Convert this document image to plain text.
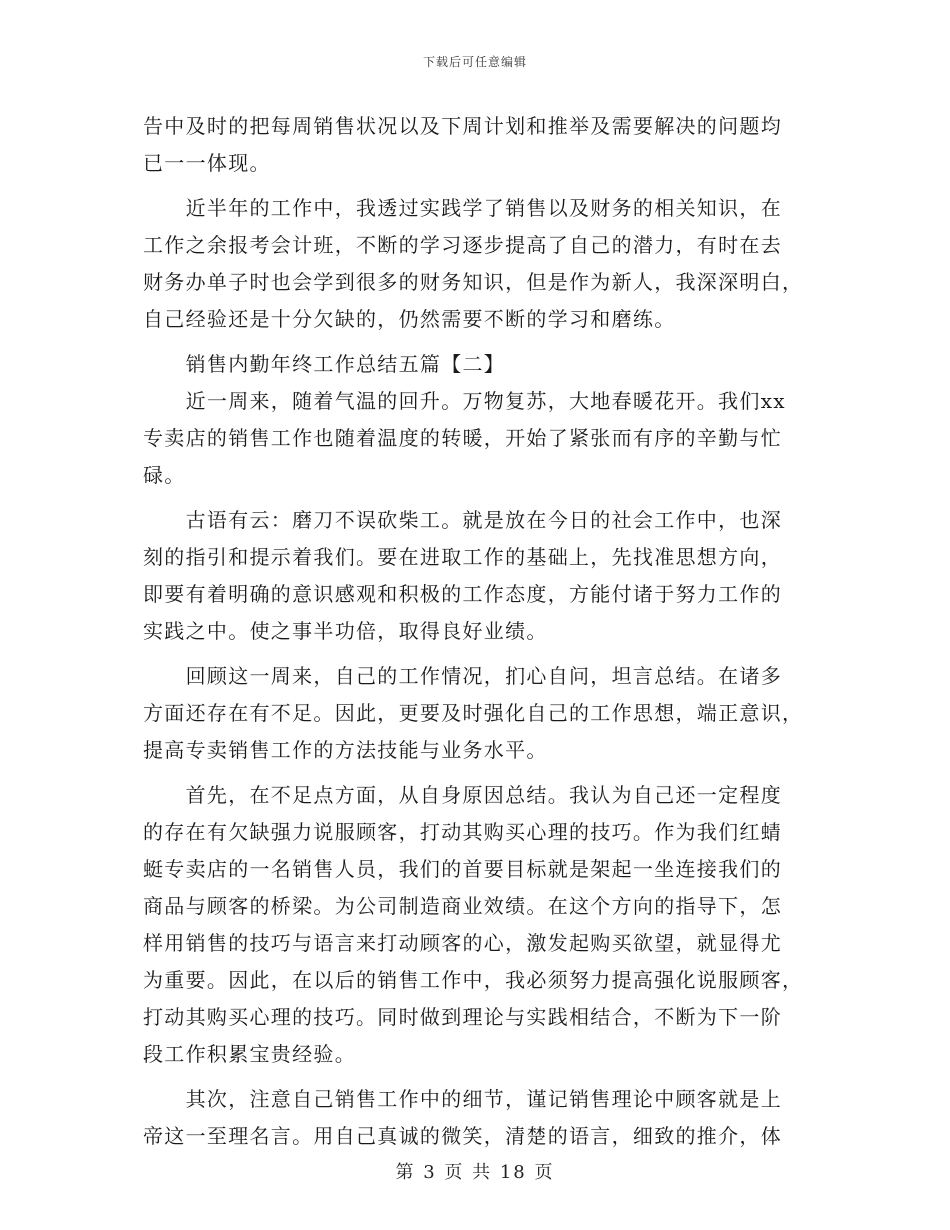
下载后可任意编辑
告中及时的把每周销售状况以及下周计划和推举及需要解决的问题均
已一一体现。
　　近半年的工作中，我透过实践学了销售以及财务的相关知识，在
工作之余报考会计班，不断的学习逐步提高了自己的潜力，有时在去
财务办单子时也会学到很多的财务知识，但是作为新人，我深深明白，
自己经验还是十分欠缺的，仍然需要不断的学习和磨练。
　　销售内勤年终工作总结五篇【二】
　　近一周来，随着气温的回升。万物复苏，大地春暖花开。我们xx
专卖店的销售工作也随着温度的转暖，开始了紧张而有序的辛勤与忙
碌。
　　古语有云：磨刀不误砍柴工。就是放在今日的社会工作中，也深
刻的指引和提示着我们。要在进取工作的基础上，先找准思想方向，
即要有着明确的意识感观和积极的工作态度，方能付诸于努力工作的
实践之中。使之事半功倍，取得良好业绩。
　　回顾这一周来，自己的工作情况，扪心自问，坦言总结。在诸多
方面还存在有不足。因此，更要及时强化自己的工作思想，端正意识，
提高专卖销售工作的方法技能与业务水平。
　　首先，在不足点方面，从自身原因总结。我认为自己还一定程度
的存在有欠缺强力说服顾客，打动其购买心理的技巧。作为我们红蜻
蜓专卖店的一名销售人员，我们的首要目标就是架起一坐连接我们的
商品与顾客的桥梁。为公司制造商业效绩。在这个方向的指导下，怎
样用销售的技巧与语言来打动顾客的心，激发起购买欲望，就显得尤
为重要。因此，在以后的销售工作中，我必须努力提高强化说服顾客，
打动其购买心理的技巧。同时做到理论与实践相结合，不断为下一阶
段工作积累宝贵经验。
　　其次，注意自己销售工作中的细节，谨记销售理论中顾客就是上
帝这一至理名言。用自己真诚的微笑，清楚的语言，细致的推介，体
第 3 页 共 18 页
